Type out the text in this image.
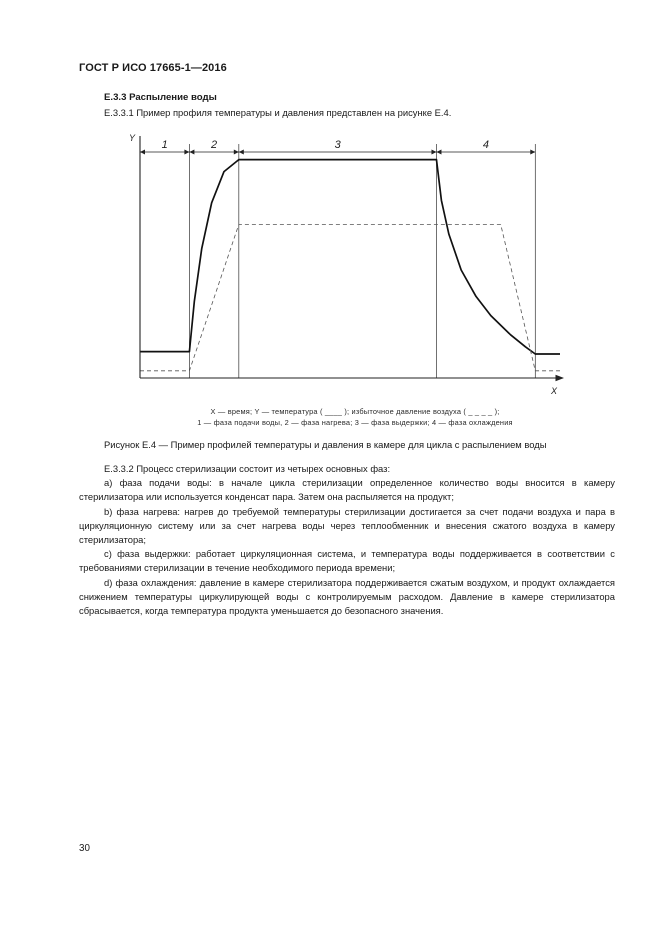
ГОСТ Р ИСО 17665-1—2016
E.3.3 Распыление воды
E.3.3.1 Пример профиля температуры и давления представлен на рисунке E.4.
1	2	3	4
Y
X
X — время; Y — температура ( ____ ); избыточное давление воздуха ( _ _ _ _ );
1 — фаза подачи воды, 2 — фаза нагрева; 3 — фаза выдержки; 4 — фаза охлаждения
Рисунок E.4 — Пример профилей температуры и давления в камере для цикла с распылением воды

E.3.3.2 Процесс стерилизации состоит из четырех основных фаз:

a) фаза подачи воды: в начале цикла стерилизации определенное количество воды вносится в камеру стерилизатора или используется конденсат пара. Затем она распыляется на продукт;

b) фаза нагрева: нагрев до требуемой температуры стерилизации достигается за счет подачи воздуха и пара в циркуляционную систему или за счет нагрева воды через теплообменник и внесения сжатого воздуха в камеру стерилизатора;

c) фаза выдержки: работает циркуляционная система, и температура воды поддерживается в соответствии с требованиями стерилизации в течение необходимого периода времени;

d) фаза охлаждения: давление в камере стерилизатора поддерживается сжатым воздухом, и продукт охлаждается снижением температуры циркулирующей воды с контролируемым расходом. Давление в камере стерилизатора сбрасывается, когда температура продукта уменьшается до безопасного значения.

30
